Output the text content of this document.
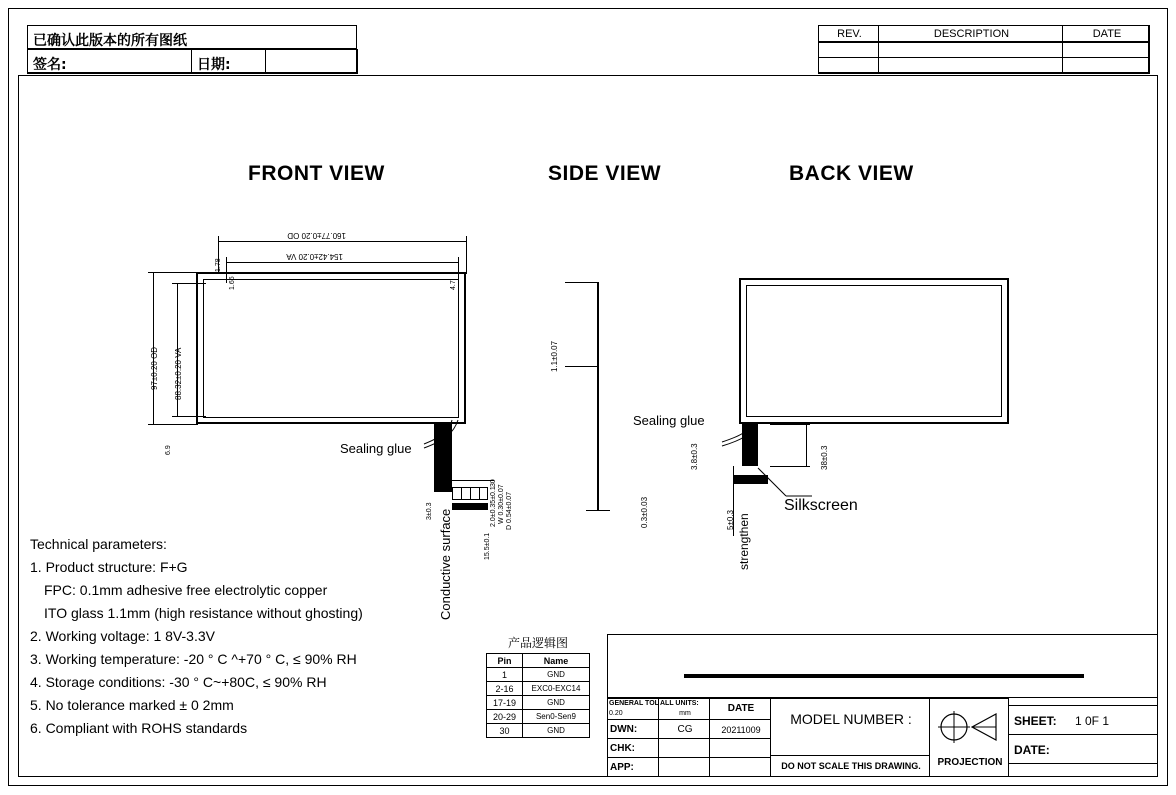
已确认此版本的所有图纸
签名:	日期:
REV.	DESCRIPTION	DATE
FRONT VIEW	SIDE VIEW	BACK VIEW
160.77±0.20 OD
154.42±0.20 VA
1.78
1.66	4.7
6.9
97±0.20 OD 88.32±0.20 VA
Sealing glue
30
3±0.3	2.0±0.35±0.1 W 0.30±0.07 D 0.54±0.07
15.5±0.1
Conductive surface
1.1±0.07
0.3±0.03
Sealing glue
Silkscreen
3.8±0.3	38±0.3
5±0.3 strengthen
Technical parameters:
1. Product structure: F+G
FPC: 0.1mm adhesive free electrolytic copper
ITO glass 1.1mm (high resistance without ghosting)
2. Working voltage: 1 8V-3.3V
3. Working temperature: -20 ° C ^+70 ° C, ≤ 90% RH
4. Storage conditions: -30 ° C~+80C, ≤ 90% RH
5. No tolerance marked ± 0 2mm
6. Compliant with ROHS standards
产品逻辑图
Pin	Name
1	GND
2-16	EXC0-EXC14
17-19	GND
20-29	Sen0-Sen9
30	GND
GENERAL TOL
0.20
ALL UNITS:
mm	DATE
DWN:	CG	20211009
CHK:
APP:
MODEL NUMBER :
DO NOT SCALE THIS DRAWING.	PROJECTION
SHEET: 1 0F 1
DATE:
